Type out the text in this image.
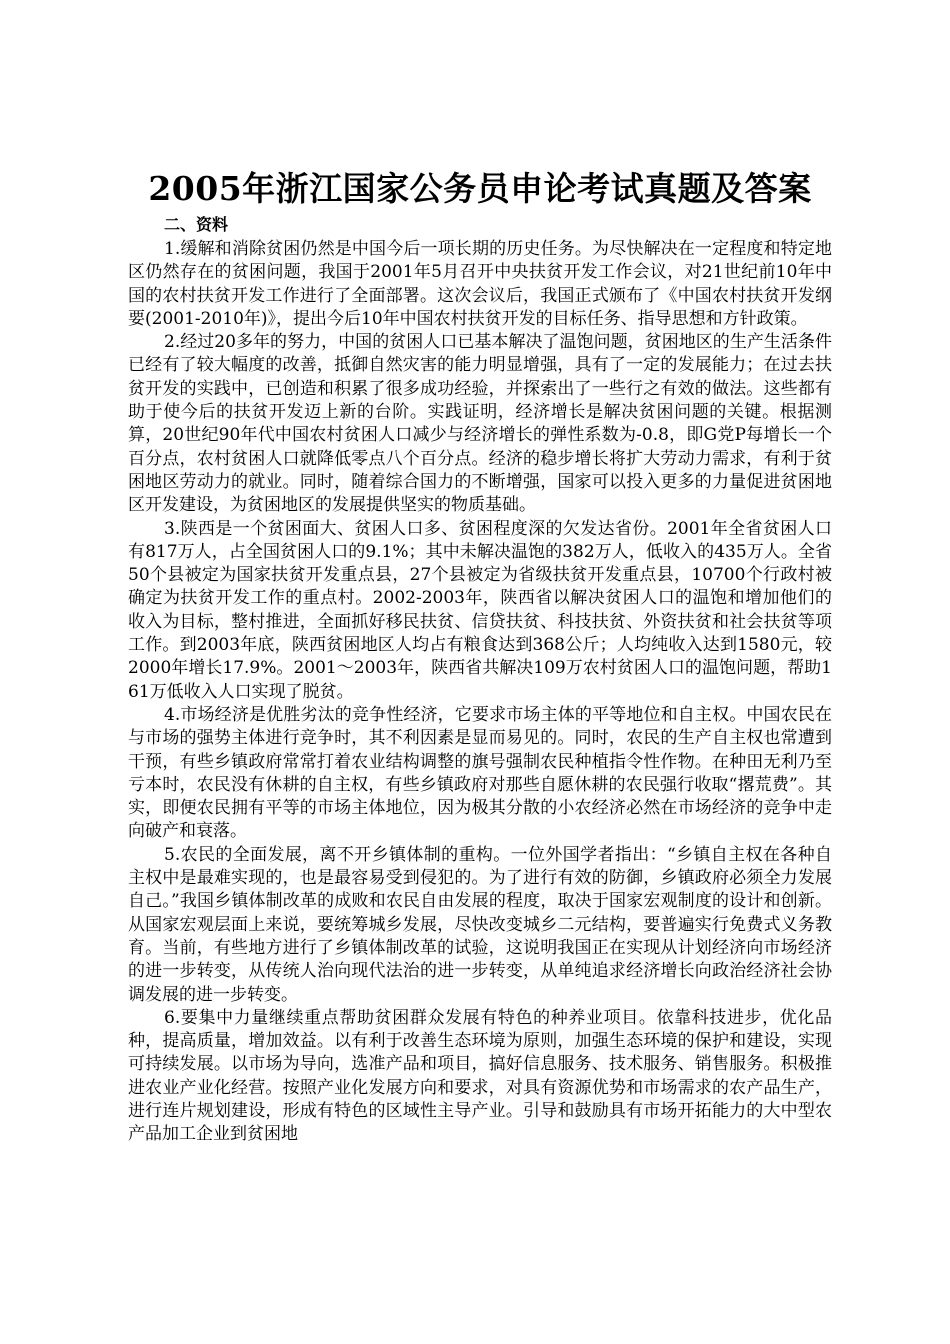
2005年浙江国家公务员申论考试真题及答案
二、资料

1.缓解和消除贫困仍然是中国今后一项长期的历史任务。为尽快解决在一定程度和特定地区仍然存在的贫困问题，我国于2001年5月召开中央扶贫开发工作会议，对21世纪前10年中国的农村扶贫开发工作进行了全面部署。这次会议后，我国正式颁布了《中国农村扶贫开发纲要(2001-2010年)》，提出今后10年中国农村扶贫开发的目标任务、指导思想和方针政策。

2.经过20多年的努力，中国的贫困人口已基本解决了温饱问题，贫困地区的生产生活条件已经有了较大幅度的改善，抵御自然灾害的能力明显增强，具有了一定的发展能力；在过去扶贫开发的实践中，已创造和积累了很多成功经验，并探索出了一些行之有效的做法。这些都有助于使今后的扶贫开发迈上新的台阶。实践证明，经济增长是解决贫困问题的关键。根据测算，20世纪90年代中国农村贫困人口减少与经济增长的弹性系数为-0.8，即G党P每增长一个百分点，农村贫困人口就降低零点八个百分点。经济的稳步增长将扩大劳动力需求，有利于贫困地区劳动力的就业。同时，随着综合国力的不断增强，国家可以投入更多的力量促进贫困地区开发建设，为贫困地区的发展提供坚实的物质基础。

3.陕西是一个贫困面大、贫困人口多、贫困程度深的欠发达省份。2001年全省贫困人口有817万人，占全国贫困人口的9.1%；其中未解决温饱的382万人，低收入的435万人。全省50个县被定为国家扶贫开发重点县，27个县被定为省级扶贫开发重点县，10700个行政村被确定为扶贫开发工作的重点村。2002-2003年，陕西省以解决贫困人口的温饱和增加他们的收入为目标，整村推进，全面抓好移民扶贫、信贷扶贫、科技扶贫、外资扶贫和社会扶贫等项工作。到2003年底，陕西贫困地区人均占有粮食达到368公斤；人均纯收入达到1580元，较2000年增长17.9%。2001～2003年，陕西省共解决109万农村贫困人口的温饱问题，帮助161万低收入人口实现了脱贫。

4.市场经济是优胜劣汰的竞争性经济，它要求市场主体的平等地位和自主权。中国农民在与市场的强势主体进行竞争时，其不利因素是显而易见的。同时，农民的生产自主权也常遭到干预，有些乡镇政府常常打着农业结构调整的旗号强制农民种植指令性作物。在种田无利乃至亏本时，农民没有休耕的自主权，有些乡镇政府对那些自愿休耕的农民强行收取“撂荒费”。其实，即便农民拥有平等的市场主体地位，因为极其分散的小农经济必然在市场经济的竞争中走向破产和衰落。

5.农民的全面发展，离不开乡镇体制的重构。一位外国学者指出：“乡镇自主权在各种自主权中是最难实现的，也是最容易受到侵犯的。为了进行有效的防御，乡镇政府必须全力发展自己。”我国乡镇体制改革的成败和农民自由发展的程度，取决于国家宏观制度的设计和创新。从国家宏观层面上来说，要统筹城乡发展，尽快改变城乡二元结构，要普遍实行免费式义务教育。当前，有些地方进行了乡镇体制改革的试验，这说明我国正在实现从计划经济向市场经济的进一步转变，从传统人治向现代法治的进一步转变，从单纯追求经济增长向政治经济社会协调发展的进一步转变。

6.要集中力量继续重点帮助贫困群众发展有特色的种养业项目。依靠科技进步，优化品种，提高质量，增加效益。以有利于改善生态环境为原则，加强生态环境的保护和建设，实现可持续发展。以市场为导向，选准产品和项目，搞好信息服务、技术服务、销售服务。积极推进农业产业化经营。按照产业化发展方向和要求，对具有资源优势和市场需求的农产品生产，进行连片规划建设，形成有特色的区域性主导产业。引导和鼓励具有市场开拓能力的大中型农产品加工企业到贫困地
